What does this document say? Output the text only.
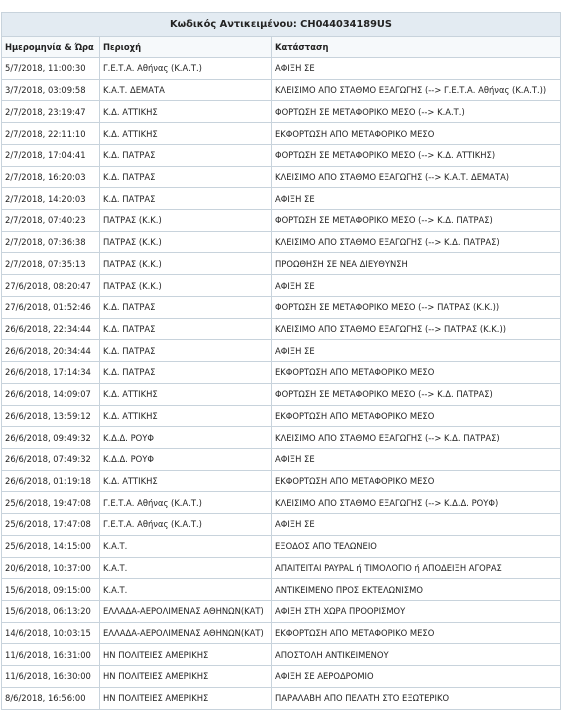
Κωδικός Αντικειμένου: CH044034189US		
Ημερομηνία & Ώρα	Περιοχή	Κατάσταση
5/7/2018, 11:00:30	Γ.Ε.Τ.Α. Αθήνας (Κ.Α.Τ.)	ΑΦΙΞΗ ΣΕ
3/7/2018, 03:09:58	Κ.Α.Τ. ΔΕΜΑΤΑ	ΚΛΕΙΣΙΜΟ ΑΠΟ ΣΤΑΘΜΟ ΕΞΑΓΩΓΗΣ (--> Γ.Ε.Τ.Α. Αθήνας (Κ.Α.Τ.))
2/7/2018, 23:19:47	Κ.Δ. ΑΤΤΙΚΗΣ	ΦΟΡΤΩΣΗ ΣΕ ΜΕΤΑΦΟΡΙΚΟ ΜΕΣΟ (--> Κ.Α.Τ.)
2/7/2018, 22:11:10	Κ.Δ. ΑΤΤΙΚΗΣ	ΕΚΦΟΡΤΩΣΗ ΑΠΟ ΜΕΤΑΦΟΡΙΚΟ ΜΕΣΟ
2/7/2018, 17:04:41	Κ.Δ. ΠΑΤΡΑΣ	ΦΟΡΤΩΣΗ ΣΕ ΜΕΤΑΦΟΡΙΚΟ ΜΕΣΟ (--> Κ.Δ. ΑΤΤΙΚΗΣ)
2/7/2018, 16:20:03	Κ.Δ. ΠΑΤΡΑΣ	ΚΛΕΙΣΙΜΟ ΑΠΟ ΣΤΑΘΜΟ ΕΞΑΓΩΓΗΣ (--> Κ.Α.Τ. ΔΕΜΑΤΑ)
2/7/2018, 14:20:03	Κ.Δ. ΠΑΤΡΑΣ	ΑΦΙΞΗ ΣΕ
2/7/2018, 07:40:23	ΠΑΤΡΑΣ (Κ.Κ.)	ΦΟΡΤΩΣΗ ΣΕ ΜΕΤΑΦΟΡΙΚΟ ΜΕΣΟ (--> Κ.Δ. ΠΑΤΡΑΣ)
2/7/2018, 07:36:38	ΠΑΤΡΑΣ (Κ.Κ.)	ΚΛΕΙΣΙΜΟ ΑΠΟ ΣΤΑΘΜΟ ΕΞΑΓΩΓΗΣ (--> Κ.Δ. ΠΑΤΡΑΣ)
2/7/2018, 07:35:13	ΠΑΤΡΑΣ (Κ.Κ.)	ΠΡΟΩΘΗΣΗ ΣΕ ΝΕΑ ΔΙΕΥΘΥΝΣΗ
27/6/2018, 08:20:47	ΠΑΤΡΑΣ (Κ.Κ.)	ΑΦΙΞΗ ΣΕ
27/6/2018, 01:52:46	Κ.Δ. ΠΑΤΡΑΣ	ΦΟΡΤΩΣΗ ΣΕ ΜΕΤΑΦΟΡΙΚΟ ΜΕΣΟ (--> ΠΑΤΡΑΣ (Κ.Κ.))
26/6/2018, 22:34:44	Κ.Δ. ΠΑΤΡΑΣ	ΚΛΕΙΣΙΜΟ ΑΠΟ ΣΤΑΘΜΟ ΕΞΑΓΩΓΗΣ (--> ΠΑΤΡΑΣ (Κ.Κ.))
26/6/2018, 20:34:44	Κ.Δ. ΠΑΤΡΑΣ	ΑΦΙΞΗ ΣΕ
26/6/2018, 17:14:34	Κ.Δ. ΠΑΤΡΑΣ	ΕΚΦΟΡΤΩΣΗ ΑΠΟ ΜΕΤΑΦΟΡΙΚΟ ΜΕΣΟ
26/6/2018, 14:09:07	Κ.Δ. ΑΤΤΙΚΗΣ	ΦΟΡΤΩΣΗ ΣΕ ΜΕΤΑΦΟΡΙΚΟ ΜΕΣΟ (--> Κ.Δ. ΠΑΤΡΑΣ)
26/6/2018, 13:59:12	Κ.Δ. ΑΤΤΙΚΗΣ	ΕΚΦΟΡΤΩΣΗ ΑΠΟ ΜΕΤΑΦΟΡΙΚΟ ΜΕΣΟ
26/6/2018, 09:49:32	Κ.Δ.Δ. ΡΟΥΦ	ΚΛΕΙΣΙΜΟ ΑΠΟ ΣΤΑΘΜΟ ΕΞΑΓΩΓΗΣ (--> Κ.Δ. ΠΑΤΡΑΣ)
26/6/2018, 07:49:32	Κ.Δ.Δ. ΡΟΥΦ	ΑΦΙΞΗ ΣΕ
26/6/2018, 01:19:18	Κ.Δ. ΑΤΤΙΚΗΣ	ΕΚΦΟΡΤΩΣΗ ΑΠΟ ΜΕΤΑΦΟΡΙΚΟ ΜΕΣΟ
25/6/2018, 19:47:08	Γ.Ε.Τ.Α. Αθήνας (Κ.Α.Τ.)	ΚΛΕΙΣΙΜΟ ΑΠΟ ΣΤΑΘΜΟ ΕΞΑΓΩΓΗΣ (--> Κ.Δ.Δ. ΡΟΥΦ)
25/6/2018, 17:47:08	Γ.Ε.Τ.Α. Αθήνας (Κ.Α.Τ.)	ΑΦΙΞΗ ΣΕ
25/6/2018, 14:15:00	Κ.Α.Τ.	ΕΞΟΔΟΣ ΑΠΟ ΤΕΛΩΝΕΙΟ
20/6/2018, 10:37:00	Κ.Α.Τ.	ΑΠΑΙΤΕΙΤΑΙ PAYPAL ή ΤΙΜΟΛΟΓΙΟ ή ΑΠΟΔΕΙΞΗ ΑΓΟΡΑΣ
15/6/2018, 09:15:00	Κ.Α.Τ.	ΑΝΤΙΚΕΙΜΕΝΟ ΠΡΟΣ ΕΚΤΕΛΩΝΙΣΜΟ
15/6/2018, 06:13:20	ΕΛΛΑΔΑ-ΑΕΡΟΛΙΜΕΝΑΣ ΑΘΗΝΩΝ(ΚΑΤ)	ΑΦΙΞΗ ΣΤΗ ΧΩΡΑ ΠΡΟΟΡΙΣΜΟΥ
14/6/2018, 10:03:15	ΕΛΛΑΔΑ-ΑΕΡΟΛΙΜΕΝΑΣ ΑΘΗΝΩΝ(ΚΑΤ)	ΕΚΦΟΡΤΩΣΗ ΑΠΟ ΜΕΤΑΦΟΡΙΚΟ ΜΕΣΟ
11/6/2018, 16:31:00	ΗΝ ΠΟΛΙΤΕΙΕΣ ΑΜΕΡΙΚΗΣ	ΑΠΟΣΤΟΛΗ ΑΝΤΙΚΕΙΜΕΝΟΥ
11/6/2018, 16:30:00	ΗΝ ΠΟΛΙΤΕΙΕΣ ΑΜΕΡΙΚΗΣ	ΑΦΙΞΗ ΣΕ ΑΕΡΟΔΡΟΜΙΟ
8/6/2018, 16:56:00	ΗΝ ΠΟΛΙΤΕΙΕΣ ΑΜΕΡΙΚΗΣ	ΠΑΡΑΛΑΒΗ ΑΠΟ ΠΕΛΑΤΗ ΣΤΟ ΕΞΩΤΕΡΙΚΟ
